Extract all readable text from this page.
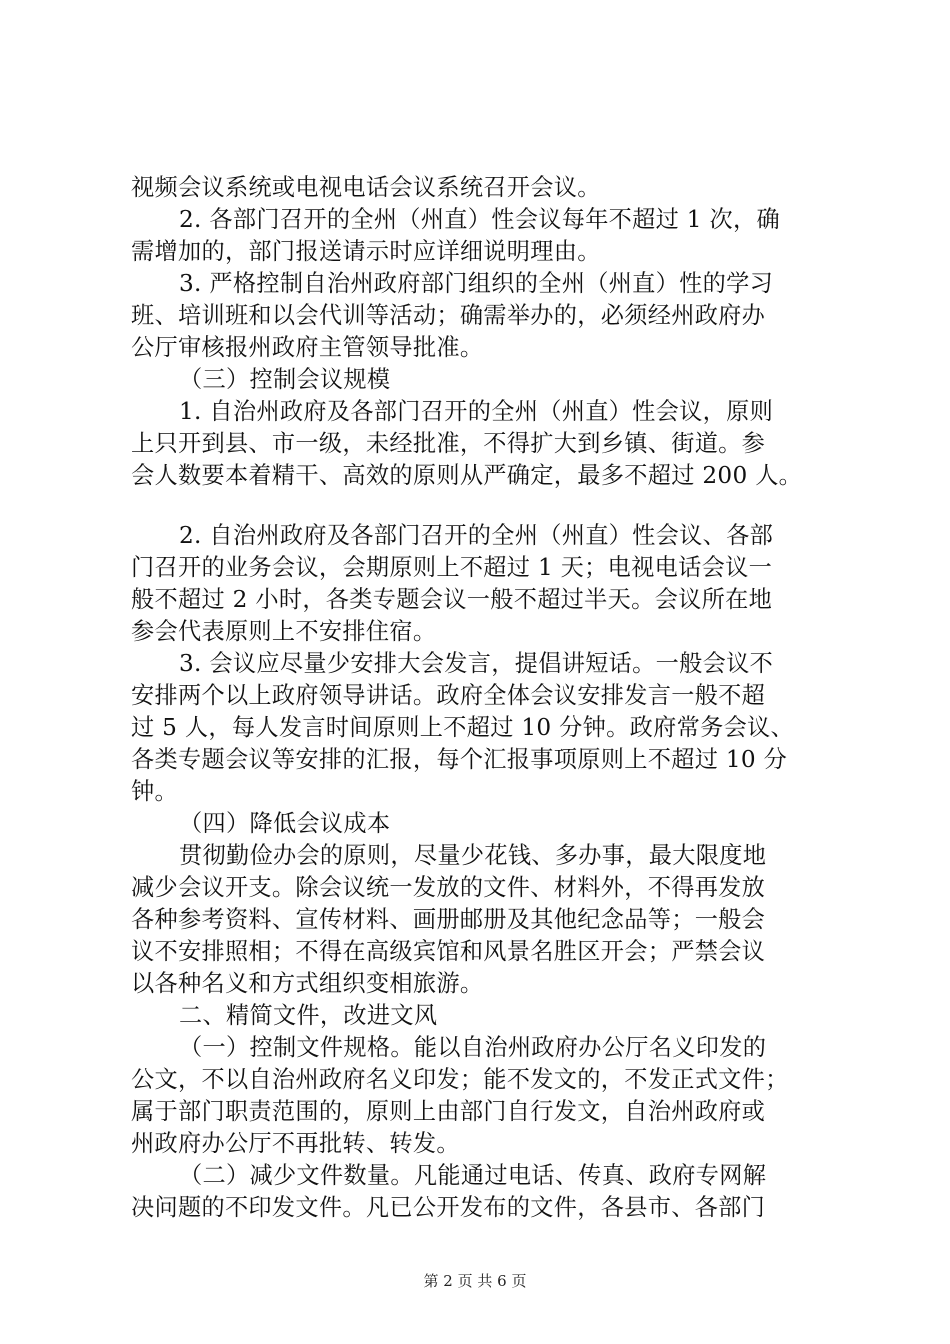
视频会议系统或电视电话会议系统召开会议。
2. 各部门召开的全州（州直）性会议每年不超过 1 次，确
需增加的，部门报送请示时应详细说明理由。
3. 严格控制自治州政府部门组织的全州（州直）性的学习
班、培训班和以会代训等活动；确需举办的，必须经州政府办
公厅审核报州政府主管领导批准。
（三）控制会议规模
1. 自治州政府及各部门召开的全州（州直）性会议，原则
上只开到县、市一级，未经批准，不得扩大到乡镇、街道。参
会人数要本着精干、高效的原则从严确定，最多不超过 200 人。
2. 自治州政府及各部门召开的全州（州直）性会议、各部
门召开的业务会议，会期原则上不超过 1 天；电视电话会议一
般不超过 2 小时，各类专题会议一般不超过半天。会议所在地
参会代表原则上不安排住宿。
3. 会议应尽量少安排大会发言，提倡讲短话。一般会议不
安排两个以上政府领导讲话。政府全体会议安排发言一般不超
过 5 人，每人发言时间原则上不超过 10 分钟。政府常务会议、
各类专题会议等安排的汇报，每个汇报事项原则上不超过 10 分
钟。
（四）降低会议成本
贯彻勤俭办会的原则，尽量少花钱、多办事，最大限度地
减少会议开支。除会议统一发放的文件、材料外，不得再发放
各种参考资料、宣传材料、画册邮册及其他纪念品等；一般会
议不安排照相；不得在高级宾馆和风景名胜区开会；严禁会议
以各种名义和方式组织变相旅游。
二、精简文件，改进文风
（一）控制文件规格。能以自治州政府办公厅名义印发的
公文，不以自治州政府名义印发；能不发文的，不发正式文件；
属于部门职责范围的，原则上由部门自行发文，自治州政府或
州政府办公厅不再批转、转发。
（二）减少文件数量。凡能通过电话、传真、政府专网解
决问题的不印发文件。凡已公开发布的文件，各县市、各部门
第 2 页 共 6 页
